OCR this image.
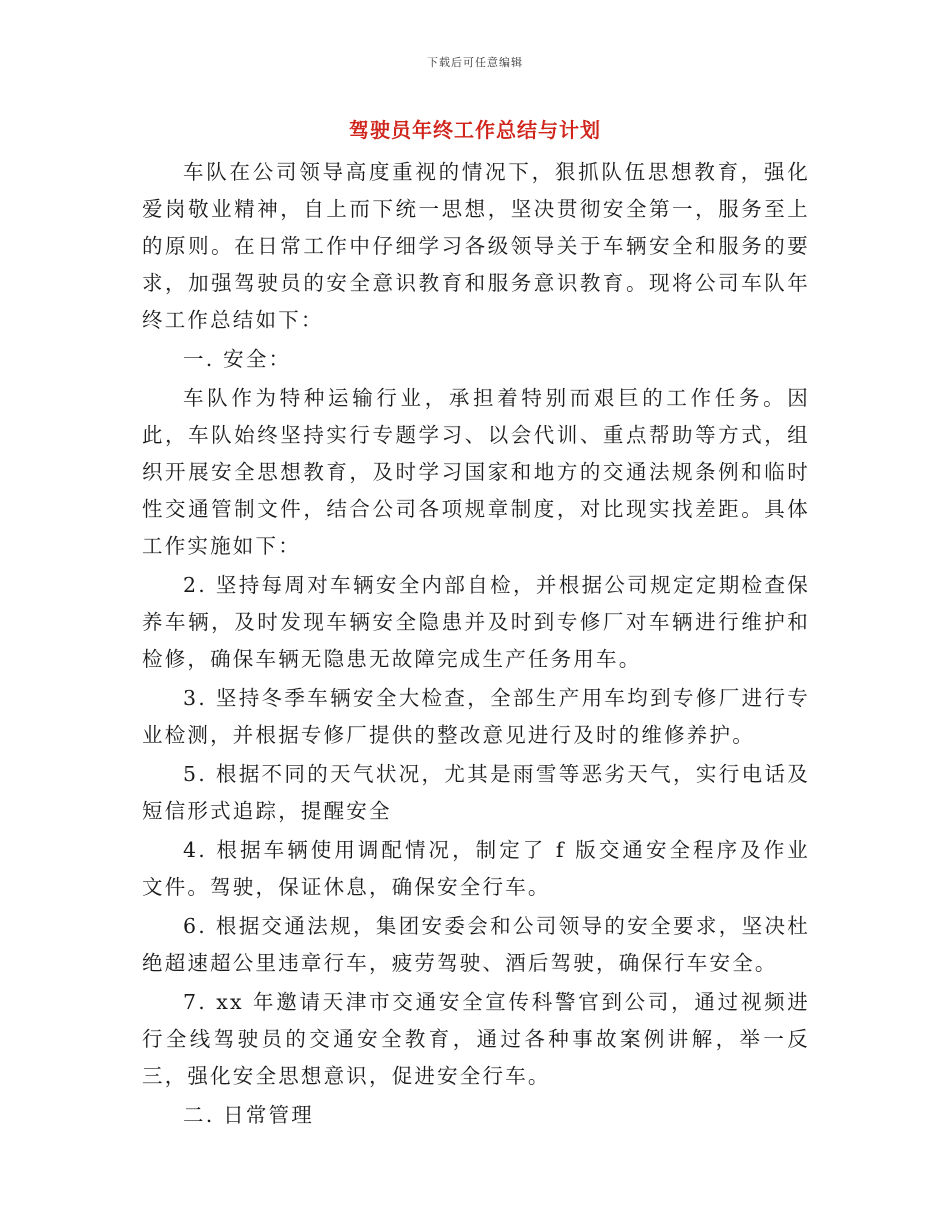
下载后可任意编辑
驾驶员年终工作总结与计划

车队在公司领导高度重视的情况下，狠抓队伍思想教育，强化爱岗敬业精神，自上而下统一思想，坚决贯彻安全第一，服务至上的原则。在日常工作中仔细学习各级领导关于车辆安全和服务的要求，加强驾驶员的安全意识教育和服务意识教育。现将公司车队年终工作总结如下：

一. 安全：

车队作为特种运输行业，承担着特别而艰巨的工作任务。因此，车队始终坚持实行专题学习、以会代训、重点帮助等方式，组织开展安全思想教育，及时学习国家和地方的交通法规条例和临时性交通管制文件，结合公司各项规章制度，对比现实找差距。具体工作实施如下：

2. 坚持每周对车辆安全内部自检，并根据公司规定定期检查保养车辆，及时发现车辆安全隐患并及时到专修厂对车辆进行维护和检修，确保车辆无隐患无故障完成生产任务用车。

3. 坚持冬季车辆安全大检查，全部生产用车均到专修厂进行专业检测，并根据专修厂提供的整改意见进行及时的维修养护。

5. 根据不同的天气状况，尤其是雨雪等恶劣天气，实行电话及短信形式追踪，提醒安全

4. 根据车辆使用调配情况，制定了 f 版交通安全程序及作业文件。驾驶，保证休息，确保安全行车。

6. 根据交通法规，集团安委会和公司领导的安全要求，坚决杜绝超速超公里违章行车，疲劳驾驶、酒后驾驶，确保行车安全。

7. xx 年邀请天津市交通安全宣传科警官到公司，通过视频进行全线驾驶员的交通安全教育，通过各种事故案例讲解，举一反三，强化安全思想意识，促进安全行车。

二. 日常管理
